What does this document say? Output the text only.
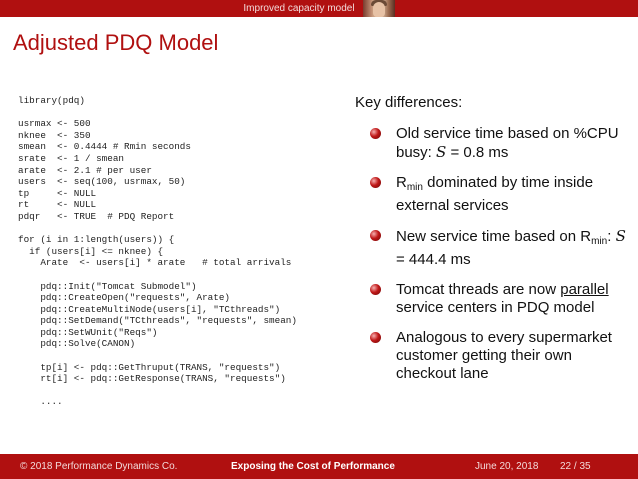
Improved capacity model
Adjusted PDQ Model
library(pdq)
usrmax <- 500
nknee  <- 350
smean  <- 0.4444 # Rmin seconds
srate  <- 1 / smean
arate  <- 2.1 # per user
users  <- seq(100, usrmax, 50)
tp     <- NULL
rt     <- NULL
pdqr   <- TRUE  # PDQ Report
for (i in 1:length(users)) {
if (users[i] <= nknee) {
Arate  <- users[i] * arate   # total arrivals
pdq::Init("Tomcat Submodel")
pdq::CreateOpen("requests", Arate)
pdq::CreateMultiNode(users[i], "TCthreads")
pdq::SetDemand("TCthreads", "requests", smean)
pdq::SetWUnit("Reqs")
pdq::Solve(CANON)
tp[i] <- pdq::GetThruput(TRANS, "requests")
rt[i] <- pdq::GetResponse(TRANS, "requests")
....
Key differences:
Old service time based on %CPU busy: S = 0.8 ms
$R_{min}$ dominated by time inside external services
New service time based on $R_{min}$: S = 444.4 ms
Tomcat threads are now parallel service centers in PDQ model
Analogous to every supermarket customer getting their own checkout lane
© 2018 Performance Dynamics Co.	Exposing the Cost of Performance	June 20, 2018 22 / 35
